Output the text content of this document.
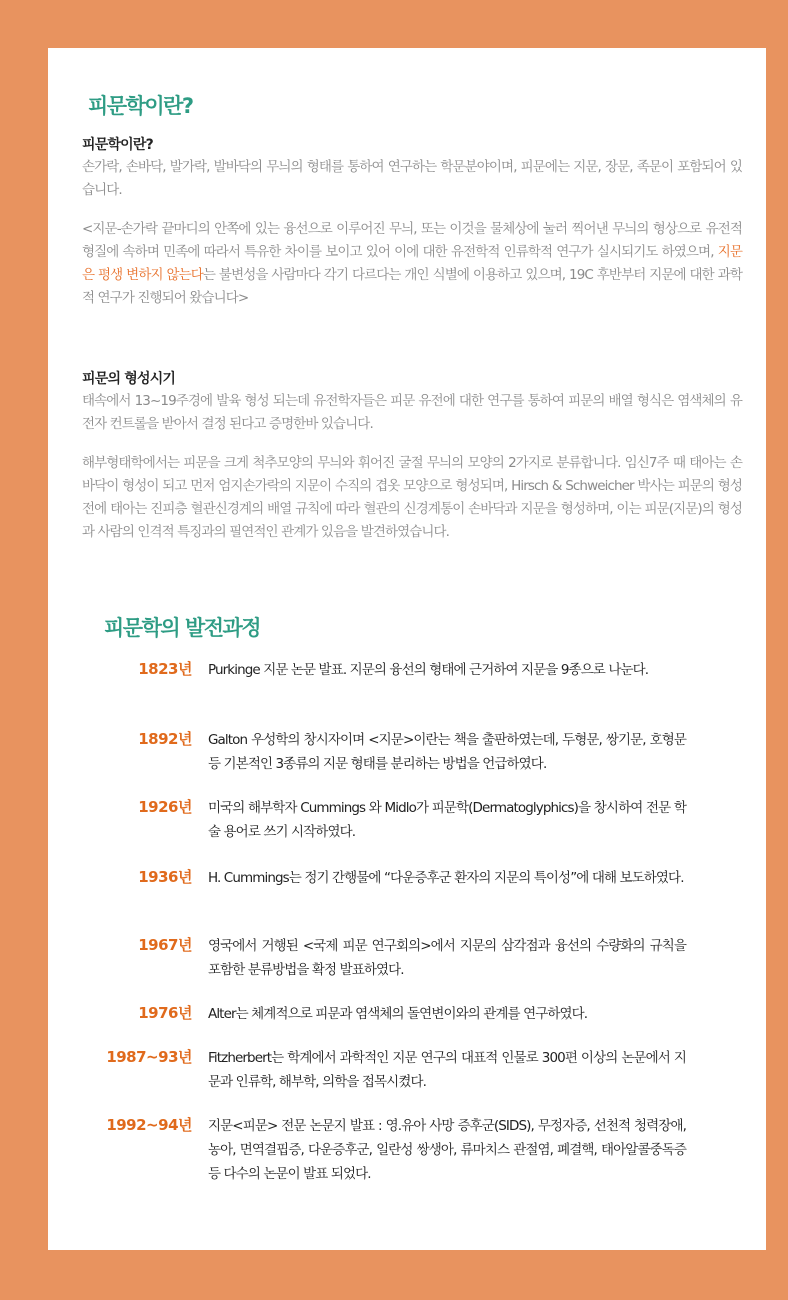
피문학이란?
피문학이란?
손가락, 손바닥, 발가락, 발바닥의 무늬의 형태를 통하여 연구하는 학문분야이며, 피문에는 지문, 장문, 족문이 포함되어 있습니다.
<지문-손가락 끝마디의 안쪽에 있는 융선으로 이루어진 무늬, 또는 이것을 물체상에 눌러 찍어낸 무늬의 형상으로 유전적 형질에 속하며 민족에 따라서 특유한 차이를 보이고 있어 이에 대한 유전학적 인류학적 연구가 실시되기도 하였으며, 지문은 평생 변하지 않는다는 불변성을 사람마다 각기 다르다는 개인 식별에 이용하고 있으며, 19C 후반부터 지문에 대한 과학적 연구가 진행되어 왔습니다>
피문의 형성시기
태속에서 13~19주경에 발육 형성 되는데 유전학자들은 피문 유전에 대한 연구를 통하여 피문의 배열 형식은 염색체의 유전자 컨트롤을 받아서 결정 된다고 증명한바 있습니다.
해부형태학에서는 피문을 크게 척추모양의 무늬와 휘어진 굴절 무늬의 모양의 2가지로 분류합니다. 임신7주 때 태아는 손바닥이 형성이 되고 먼저 엄지손가락의 지문이 수직의 겹옷 모양으로 형성되며, Hirsch & Schweicher 박사는 피문의 형성 전에 태아는 진피층 혈관신경계의 배열 규칙에 따라 혈관의 신경계통이 손바닥과 지문을 형성하며, 이는 피문(지문)의 형성과 사람의 인격적 특징과의 필연적인 관계가 있음을 발견하였습니다.
피문학의 발전과정
1823년 Purkinge 지문 논문 발표. 지문의 융선의 형태에 근거하여 지문을 9종으로 나눈다.
1892년 Galton 우성학의 창시자이며 <지문>이란는 책을 출판하였는데, 두형문, 쌍기문, 호형문 등 기본적인 3종류의 지문 형태를 분리하는 방법을 언급하였다.
1926년 미국의 해부학자 Cummings 와 Midlo가 피문학(Dermatoglyphics)을 창시하여 전문 학술 용어로 쓰기 시작하였다.
1936년 H. Cummings는 정기 간행물에 “다운증후군 환자의 지문의 특이성”에 대해 보도하였다.
1967년 영국에서 거행된 <국제 피문 연구회의>에서 지문의 삼각점과 융선의 수량화의 규칙을 포함한 분류방법을 확정 발표하였다.
1976년 Alter는 체계적으로 피문과 염색체의 돌연변이와의 관계를 연구하였다.
1987~93년 Fitzherbert는 학계에서 과학적인 지문 연구의 대표적 인물로 300편 이상의 논문에서 지문과 인류학, 해부학, 의학을 접목시켰다.
1992~94년 지문<피문> 전문 논문지 발표 : 영.유아 사망 증후군(SIDS), 무정자증, 선천적 청력장애, 농아, 면역결핍증, 다운증후군, 일란성 쌍생아, 류마치스 관절염, 폐결핵, 태아알콜중독증 등 다수의 논문이 발표 되었다.
